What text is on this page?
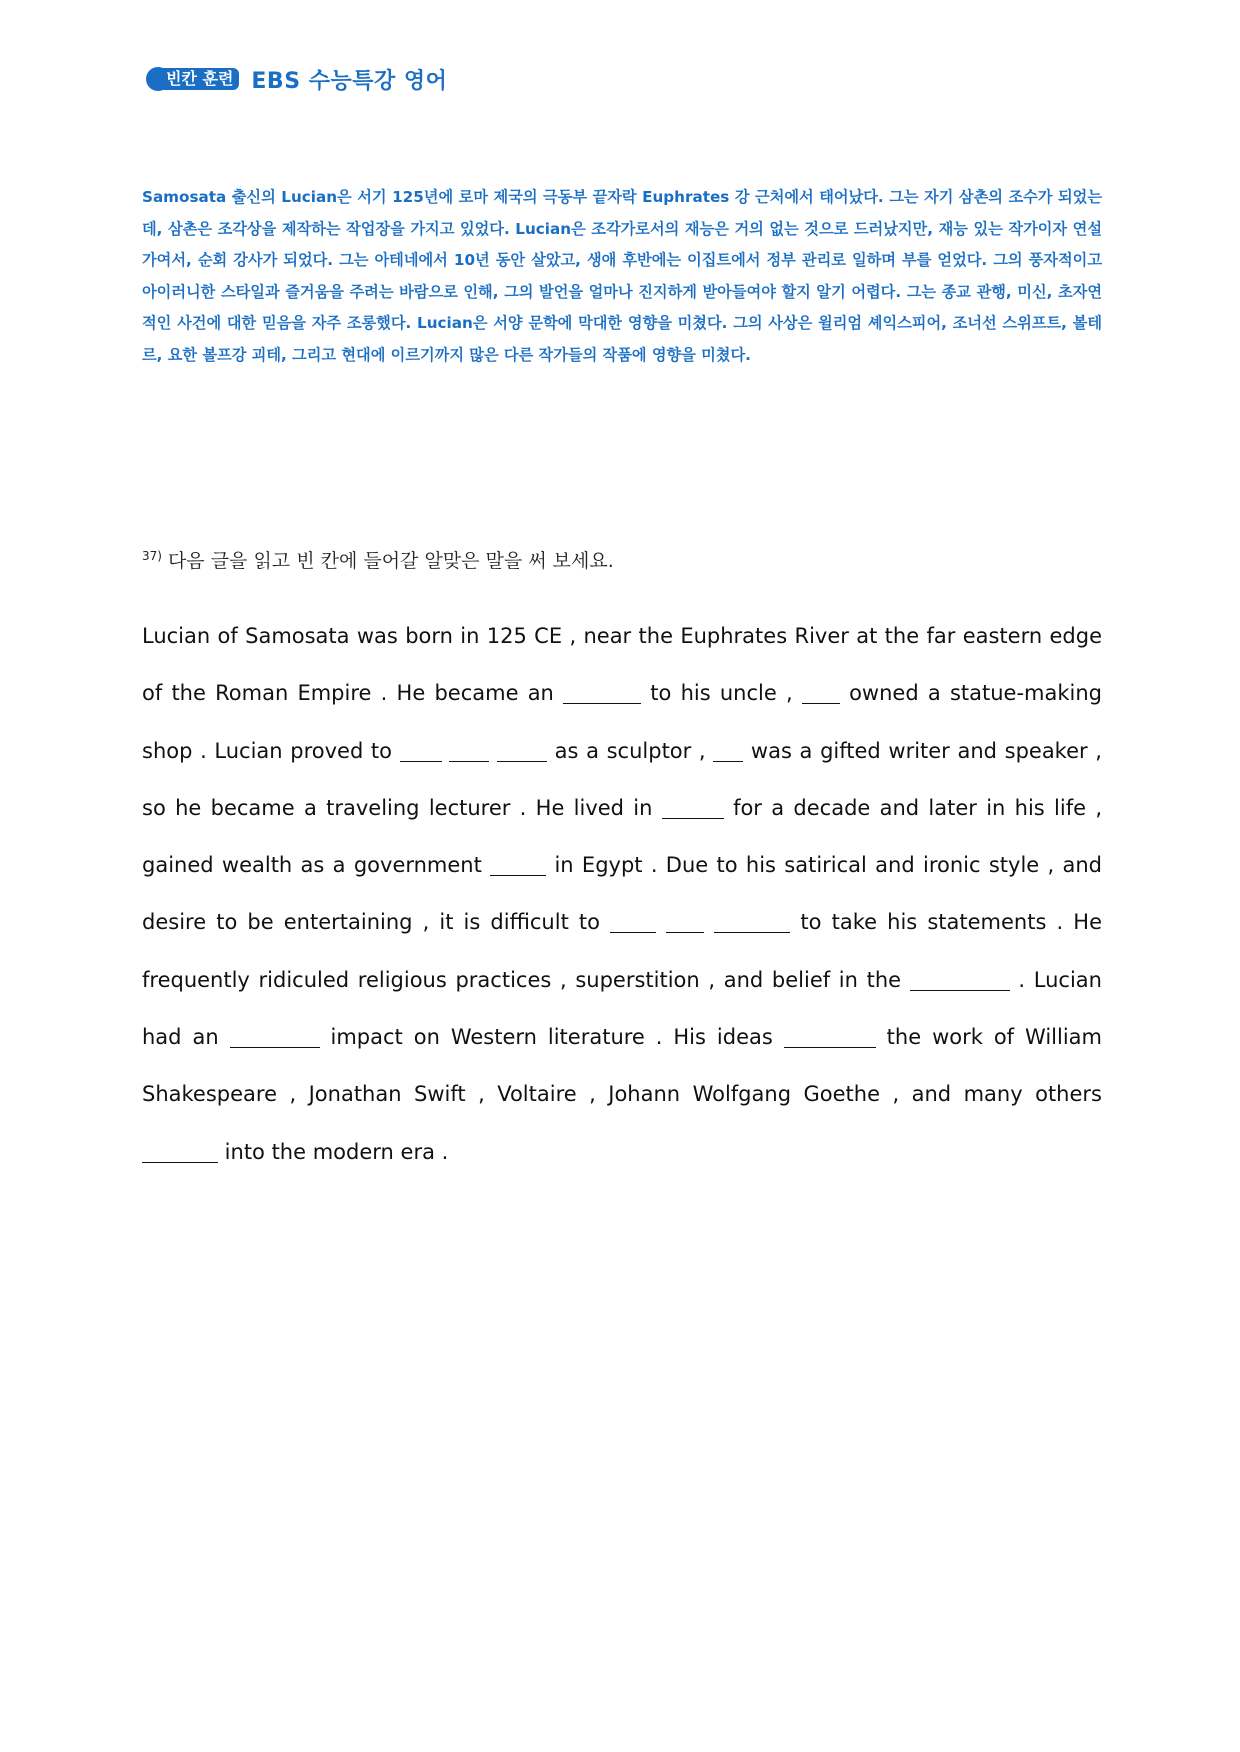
빈칸 훈련 EBS 수능특강 영어
Samosata 출신의 Lucian은 서기 125년에 로마 제국의 극동부 끝자락 Euphrates 강 근처에서 태어났다. 그는 자기 삼촌의 조수가 되었는데, 삼촌은 조각상을 제작하는 작업장을 가지고 있었다. Lucian은 조각가로서의 재능은 거의 없는 것으로 드러났지만, 재능 있는 작가이자 연설가여서, 순회 강사가 되었다. 그는 아테네에서 10년 동안 살았고, 생애 후반에는 이집트에서 정부 관리로 일하며 부를 얻었다. 그의 풍자적이고 아이러니한 스타일과 즐거움을 주려는 바람으로 인해, 그의 발언을 얼마나 진지하게 받아들여야 할지 알기 어렵다. 그는 종교 관행, 미신, 초자연적인 사건에 대한 믿음을 자주 조롱했다. Lucian은 서양 문학에 막대한 영향을 미쳤다. 그의 사상은 윌리엄 셰익스피어, 조너선 스위프트, 볼테르, 요한 볼프강 괴테, 그리고 현대에 이르기까지 많은 다른 작가들의 작품에 영향을 미쳤다.
$^{37)}$ 다음 글을 읽고 빈 칸에 들어갈 알맞은 말을 써 보세요.

Lucian of Samosata was born in 125 CE , near the Euphrates River at the far eastern edge of the Roman Empire . He became an	to his uncle ,  owned a statue-making shop . Lucian proved to	as a sculptor ,  was a gifted writer and speaker , so he became a traveling lecturer . He lived in	for a decade and later in his life , gained wealth as a government	in Egypt . Due to his satirical and ironic style , and desire to be entertaining , it is difficult to	to take his statements . He frequently ridiculed religious practices , superstition , and belief in the	. Lucian had an	impact on Western literature . His ideas	the work of William Shakespeare , Jonathan Swift , Voltaire , Johann Wolfgang Goethe , and many others  into the modern era .
